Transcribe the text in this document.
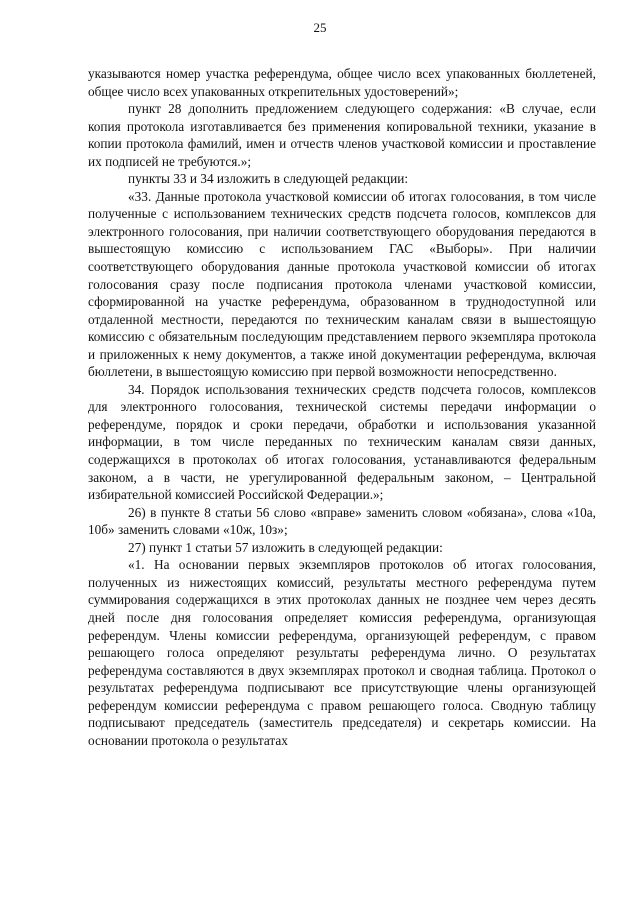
25

указываются номер участка референдума, общее число всех упакованных бюллетеней, общее число всех упакованных открепительных удостоверений»;

пункт 28 дополнить предложением следующего содержания: «В случае, если копия протокола изготавливается без применения копировальной техники, указание в копии протокола фамилий, имен и отчеств членов участковой комиссии и проставление их подписей не требуются.»;

пункты 33 и 34 изложить в следующей редакции:

«33. Данные протокола участковой комиссии об итогах голосования, в том числе полученные с использованием технических средств подсчета голосов, комплексов для электронного голосования, при наличии соответствующего оборудования передаются в вышестоящую комиссию с использованием ГАС «Выборы». При наличии соответствующего оборудования данные протокола участковой комиссии об итогах голосования сразу после подписания протокола членами участковой комиссии, сформированной на участке референдума, образованном в труднодоступной или отдаленной местности, передаются по техническим каналам связи в вышестоящую комиссию с обязательным последующим представлением первого экземпляра протокола и приложенных к нему документов, а также иной документации референдума, включая бюллетени, в вышестоящую комиссию при первой возможности непосредственно.

34. Порядок использования технических средств подсчета голосов, комплексов для электронного голосования, технической системы передачи информации о референдуме, порядок и сроки передачи, обработки и использования указанной информации, в том числе переданных по техническим каналам связи данных, содержащихся в протоколах об итогах голосования, устанавливаются федеральным законом, а в части, не урегулированной федеральным законом, – Центральной избирательной комиссией Российской Федерации.»;

26) в пункте 8 статьи 56 слово «вправе» заменить словом «обязана», слова «10а, 10б» заменить словами «10ж, 10з»;

27) пункт 1 статьи 57 изложить в следующей редакции:

«1. На основании первых экземпляров протоколов об итогах голосования, полученных из нижестоящих комиссий, результаты местного референдума путем суммирования содержащихся в этих протоколах данных не позднее чем через десять дней после дня голосования определяет комиссия референдума, организующая референдум. Члены комиссии референдума, организующей референдум, с правом решающего голоса определяют результаты референдума лично. О результатах референдума составляются в двух экземплярах протокол и сводная таблица. Протокол о результатах референдума подписывают все присутствующие члены организующей референдум комиссии референдума с правом решающего голоса. Сводную таблицу подписывают председатель (заместитель председателя) и секретарь комиссии. На основании протокола о результатах
